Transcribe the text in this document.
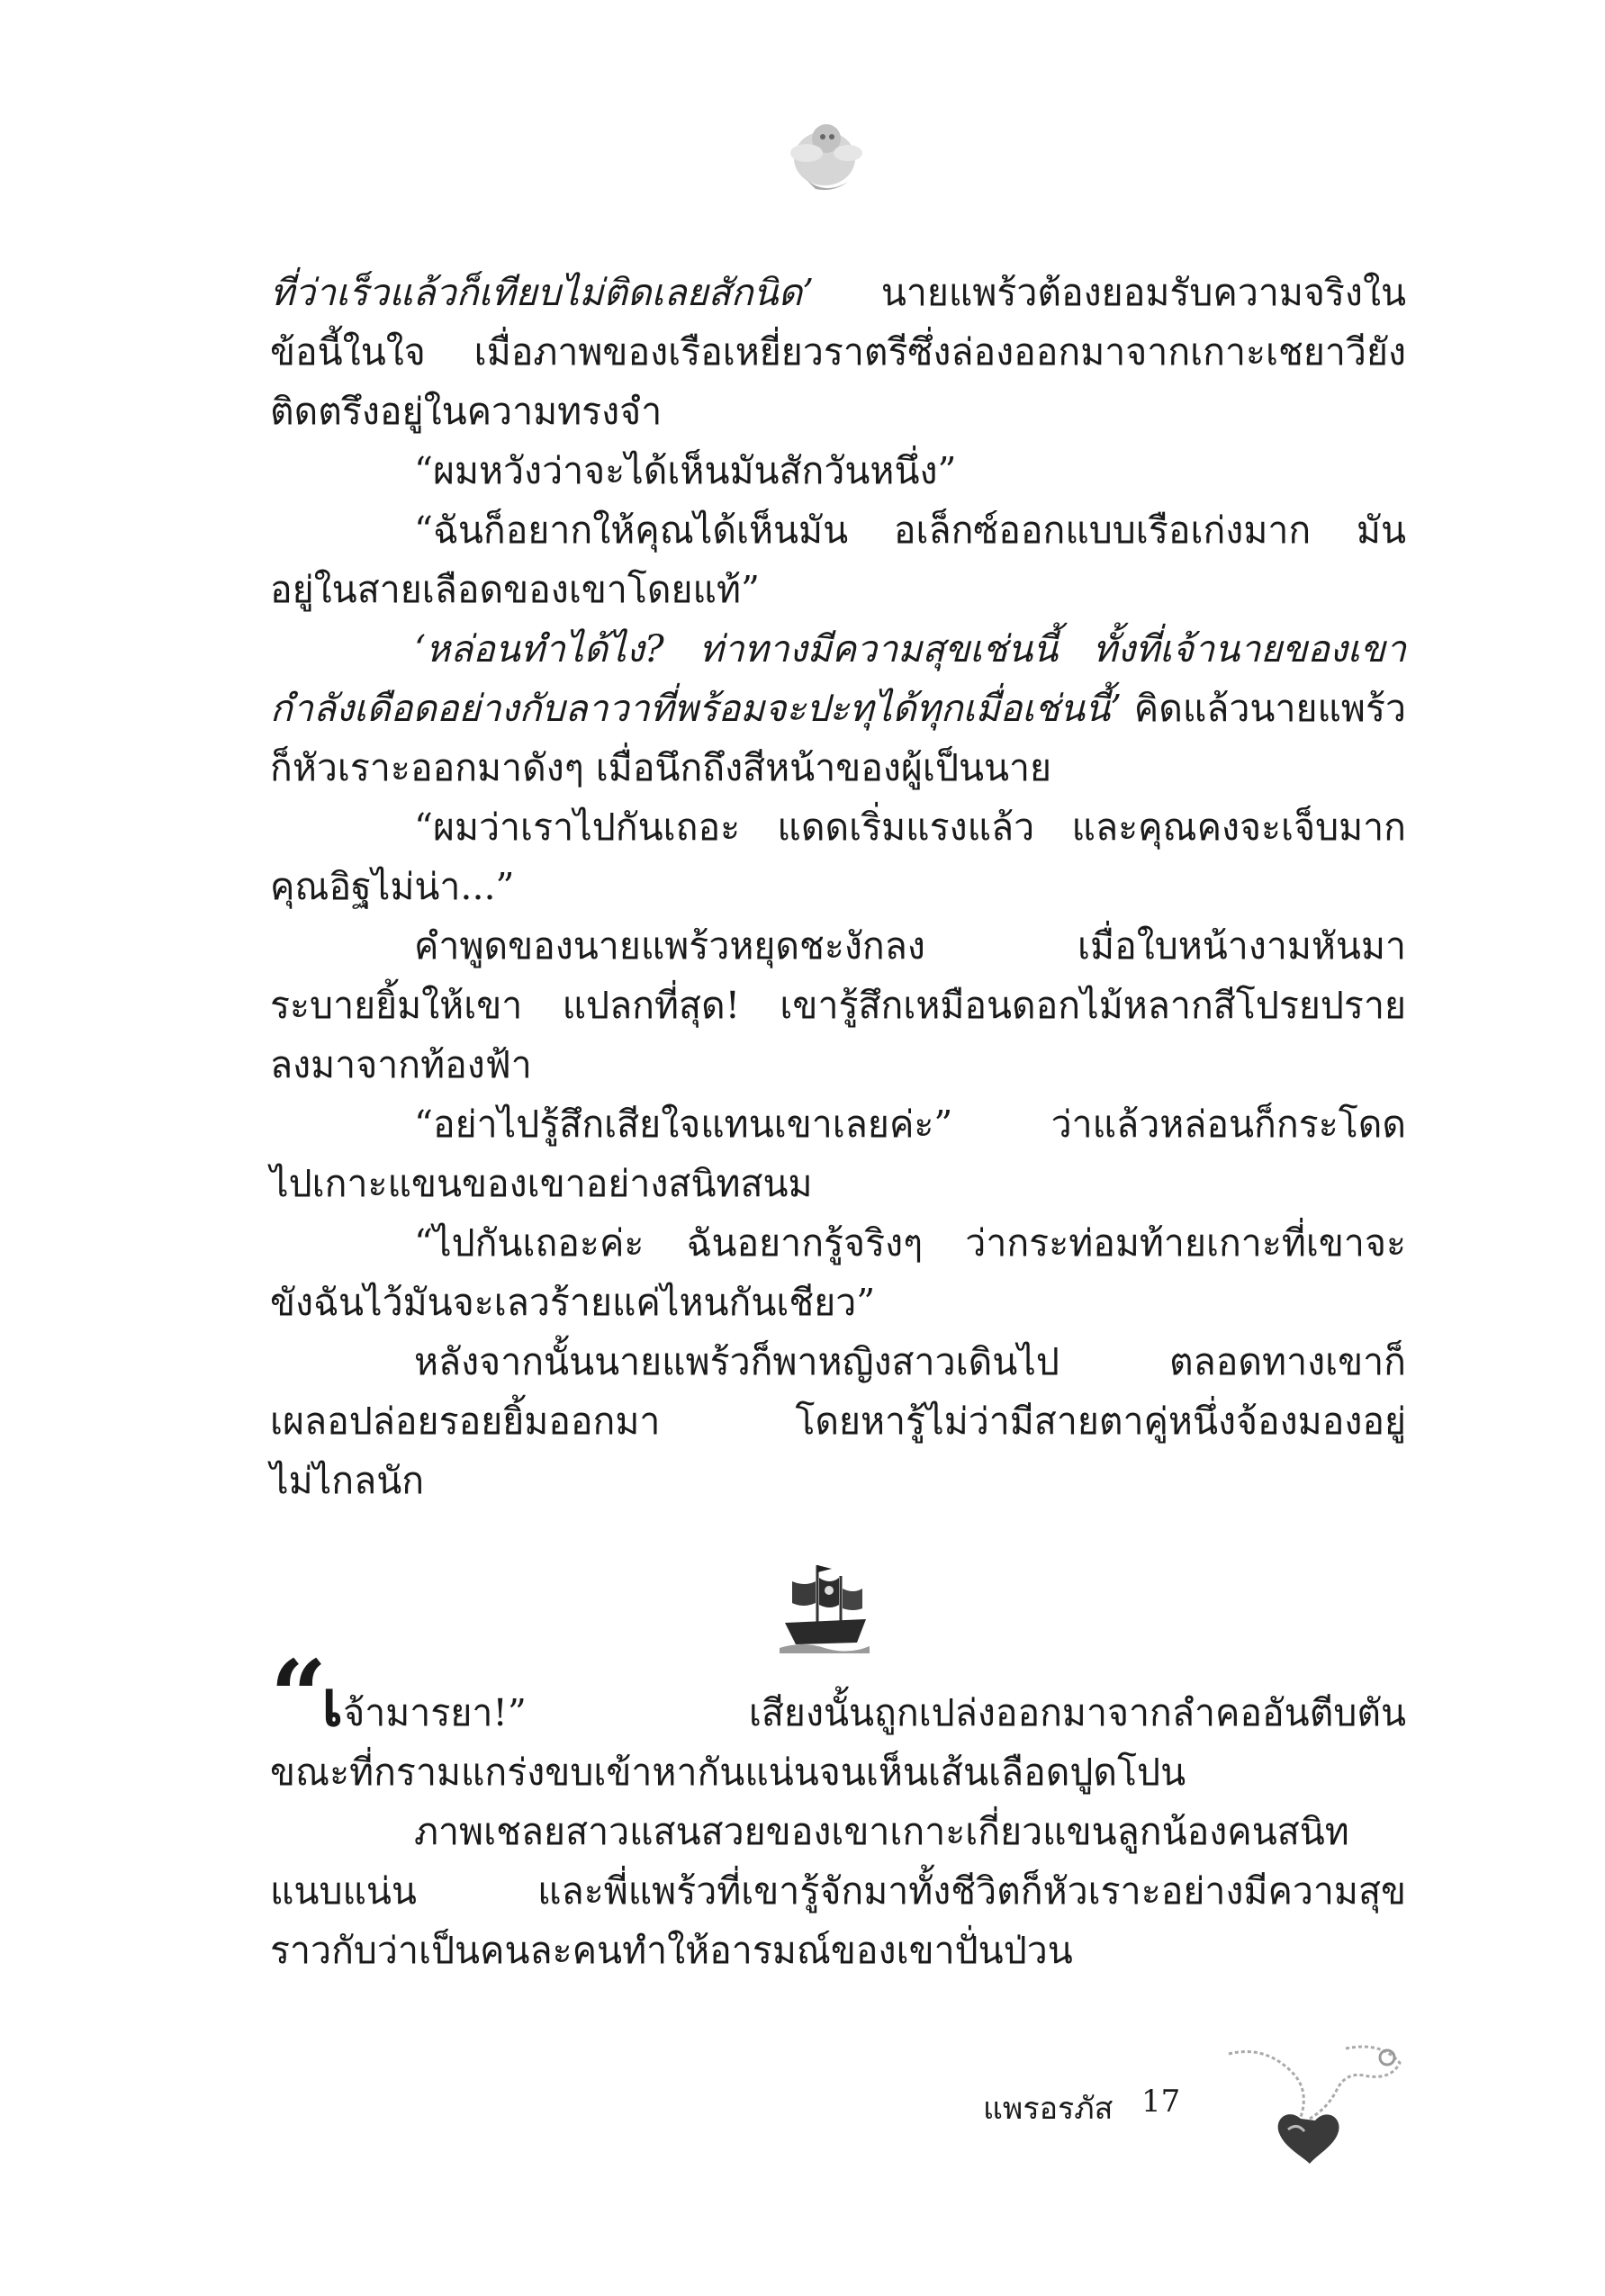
ที่ว่าเร็วแล้วก็เทียบไม่ติดเลยสักนิด’ นายแพร้วต้องยอมรับความจริงใน
ข้อนี้ในใจ เมื่อภาพของเรือเหยี่ยวราตรีซึ่งล่องออกมาจากเกาะเชยาวียัง
ติดตรึงอยู่ในความทรงจำ

“ผมหวังว่าจะได้เห็นมันสักวันหนึ่ง”

“ฉันก็อยากให้คุณได้เห็นมัน อเล็กซ์ออกแบบเรือเก่งมาก มัน
อยู่ในสายเลือดของเขาโดยแท้”

‘หล่อนทำได้ไง? ท่าทางมีความสุขเช่นนี้ ทั้งที่เจ้านายของเขา
กำลังเดือดอย่างกับลาวาที่พร้อมจะปะทุได้ทุกเมื่อเช่นนี้’ คิดแล้วนายแพร้ว
ก็หัวเราะออกมาดังๆ เมื่อนึกถึงสีหน้าของผู้เป็นนาย

“ผมว่าเราไปกันเถอะ แดดเริ่มแรงแล้ว และคุณคงจะเจ็บมาก
คุณอิฐไม่น่า...”

คำพูดของนายแพร้วหยุดชะงักลง เมื่อใบหน้างามหันมา
ระบายยิ้มให้เขา แปลกที่สุด! เขารู้สึกเหมือนดอกไม้หลากสีโปรยปราย
ลงมาจากท้องฟ้า

“อย่าไปรู้สึกเสียใจแทนเขาเลยค่ะ” ว่าแล้วหล่อนก็กระโดด
ไปเกาะแขนของเขาอย่างสนิทสนม

“ไปกันเถอะค่ะ ฉันอยากรู้จริงๆ ว่ากระท่อมท้ายเกาะที่เขาจะ
ขังฉันไว้มันจะเลวร้ายแค่ไหนกันเชียว”

หลังจากนั้นนายแพร้วก็พาหญิงสาวเดินไป ตลอดทางเขาก็
เผลอปล่อยรอยยิ้มออกมา โดยหารู้ไม่ว่ามีสายตาคู่หนึ่งจ้องมองอยู่
ไม่ไกลนัก

“เจ้ามารยา!” เสียงนั้นถูกเปล่งออกมาจากลำคออันตีบตัน
ขณะที่กรามแกร่งขบเข้าหากันแน่นจนเห็นเส้นเลือดปูดโปน

ภาพเชลยสาวแสนสวยของเขาเกาะเกี่ยวแขนลูกน้องคนสนิท
แนบแน่น และพี่แพร้วที่เขารู้จักมาทั้งชีวิตก็หัวเราะอย่างมีความสุข
ราวกับว่าเป็นคนละคนทำให้อารมณ์ของเขาปั่นป่วน

แพรอรภัส 17
